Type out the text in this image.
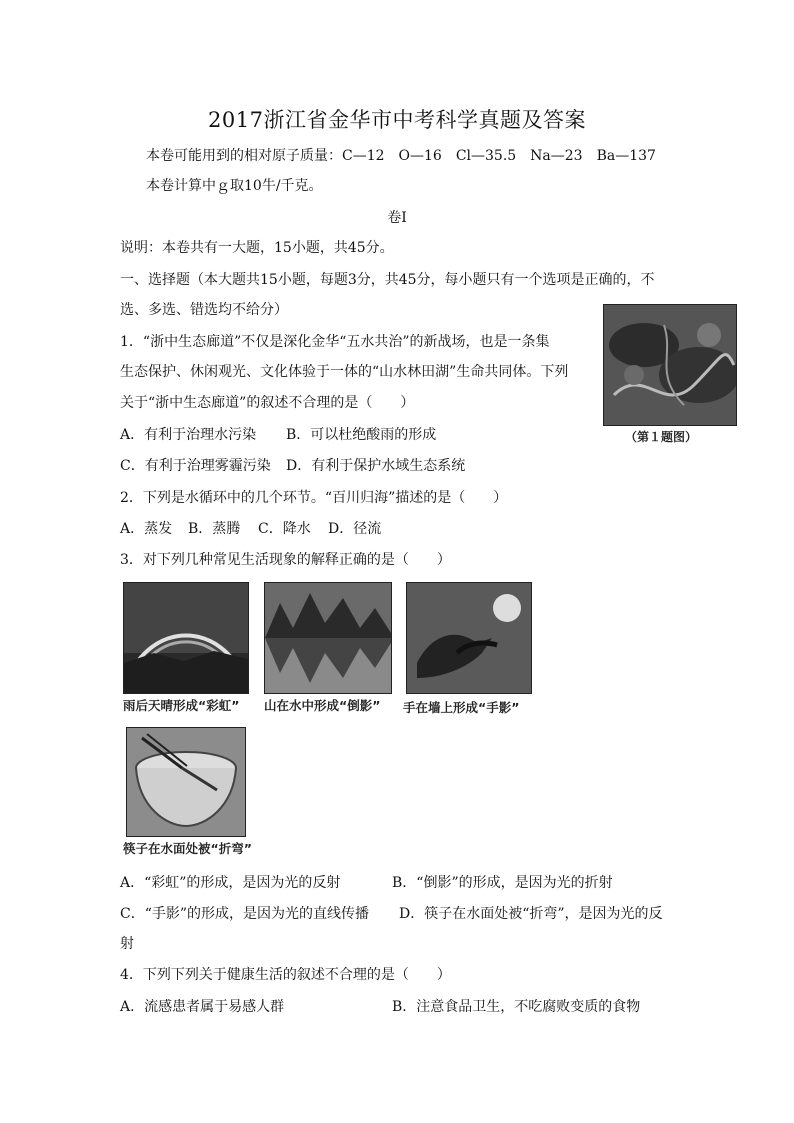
2017浙江省金华市中考科学真题及答案
本卷可能用到的相对原子质量：C—12　O—16　Cl—35.5　Na—23　Ba—137
本卷计算中ｇ取10牛/千克。
卷Ⅰ
说明：本卷共有一大题，15小题，共45分。
一、选择题（本大题共15小题，每题3分，共45分，每小题只有一个选项是正确的，不
选、多选、错选均不给分）
1．“浙中生态廊道”不仅是深化金华“五水共治”的新战场，也是一条集
生态保护、休闲观光、文化体验于一体的“山水林田湖”生命共同体。下列
关于“浙中生态廊道”的叙述不合理的是（　　）
A．有利于治理水污染 B．可以杜绝酸雨的形成
C．有利于治理雾霾污染 D．有利于保护水域生态系统
（第１题图）
2．下列是水循环中的几个环节。“百川归海”描述的是（　　）
A．蒸发 B．蒸腾 C．降水 D．径流
3．对下列几种常见生活现象的解释正确的是（　　）
雨后天晴形成“彩虹” 山在水中形成“倒影” 手在墙上形成“手影”
筷子在水面处被“折弯”
A．“彩虹”的形成，是因为光的反射	B．“倒影”的形成，是因为光的折射
C．“手影”的形成，是因为光的直线传播 D．筷子在水面处被“折弯”，是因为光的反
射
4．下列下列关于健康生活的叙述不合理的是（　　）
A．流感患者属于易感人群	B．注意食品卫生，不吃腐败变质的食物
